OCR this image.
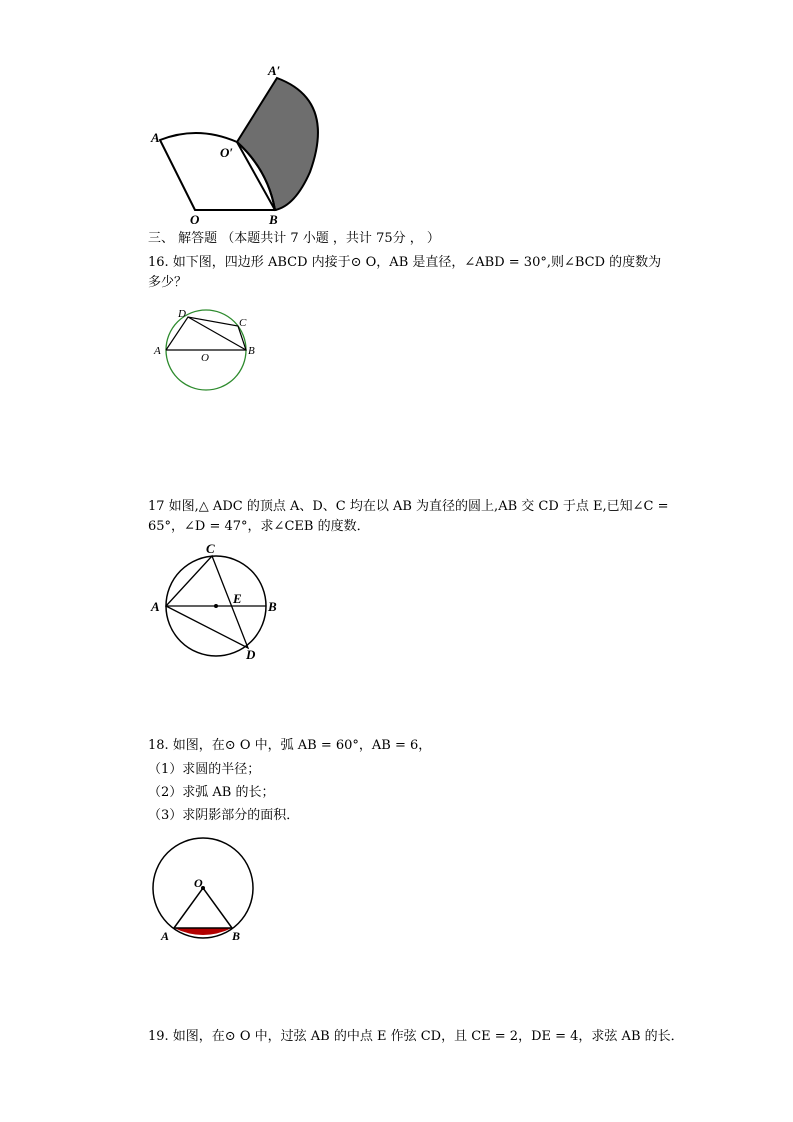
A′
A
O′
O	B
三、 解答题 （本题共计 7 小题 ，共计 75分 ， ）
16. 如下图，四边形 ABCD 内接于⊙ O，AB 是直径，∠ABD = 30°,则∠BCD 的度数为
多少？
D
C
A
O
B
17 如图,△ ADC 的顶点 A、D、C 均在以 AB 为直径的圆上,AB 交 CD 于点 E,已知∠C =
65°，∠D = 47°，求∠CEB 的度数．
C
A
E
B
D
18. 如图，在⊙ O 中，弧 AB = 60°，AB = 6，
（1）求圆的半径；
（2）求弧 AB 的长；
（3）求阴影部分的面积．
O
A	B
19. 如图，在⊙ O 中，过弦 AB 的中点 E 作弦 CD，且 CE = 2，DE = 4，求弦 AB 的长．
